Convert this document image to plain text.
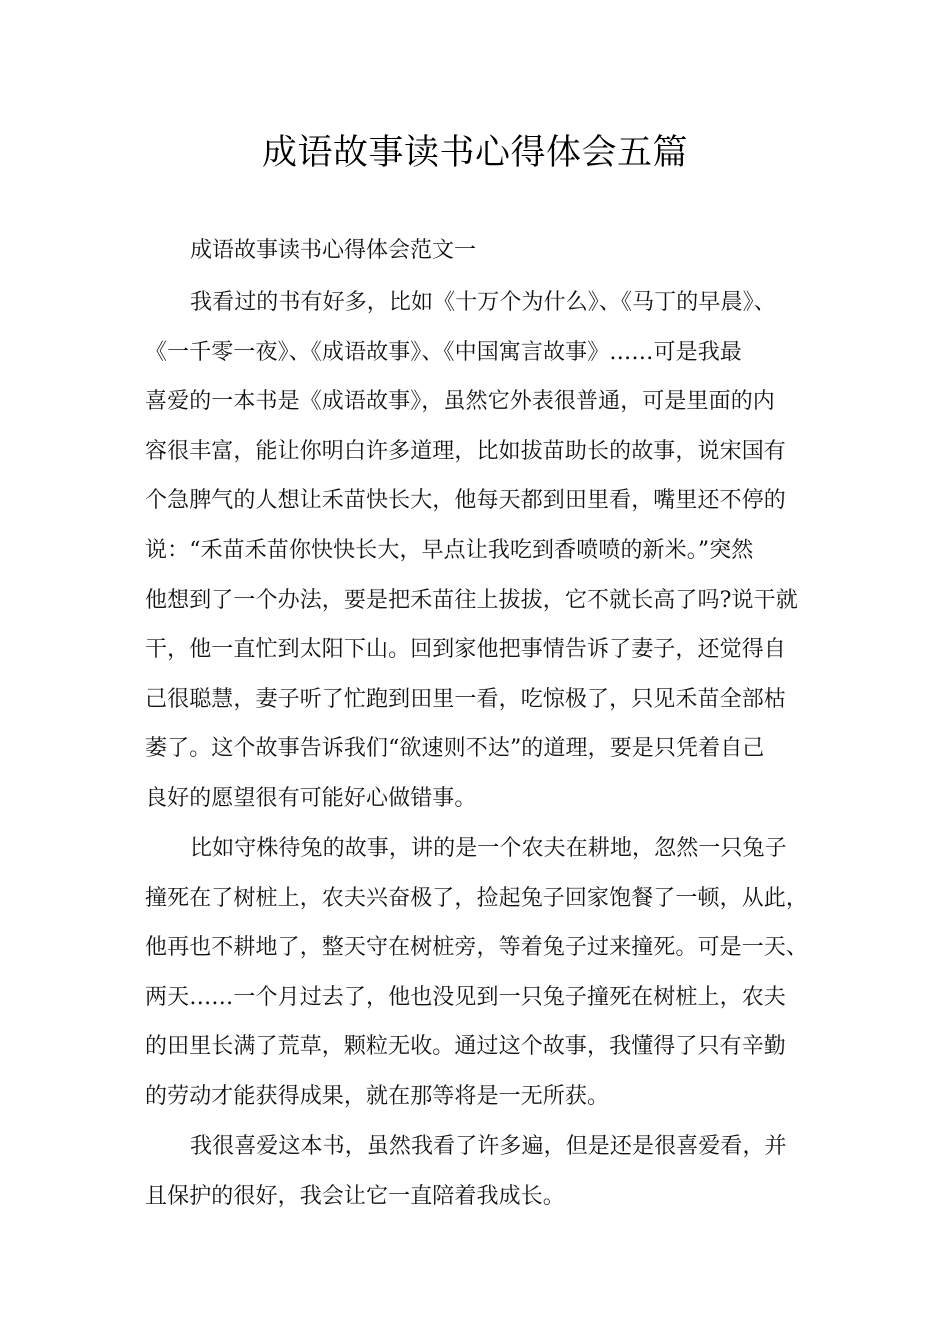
成语故事读书心得体会五篇
成语故事读书心得体会范文一
我看过的书有好多，比如《十万个为什么》、《马丁的早晨》、
《一千零一夜》、《成语故事》、《中国寓言故事》……可是我最
喜爱的一本书是《成语故事》，虽然它外表很普通，可是里面的内
容很丰富，能让你明白许多道理，比如拔苗助长的故事，说宋国有
个急脾气的人想让禾苗快长大，他每天都到田里看，嘴里还不停的
说：“禾苗禾苗你快快长大，早点让我吃到香喷喷的新米。”突然
他想到了一个办法，要是把禾苗往上拔拔，它不就长高了吗?说干就
干，他一直忙到太阳下山。回到家他把事情告诉了妻子，还觉得自
己很聪慧，妻子听了忙跑到田里一看，吃惊极了，只见禾苗全部枯
萎了。这个故事告诉我们“欲速则不达”的道理，要是只凭着自己
良好的愿望很有可能好心做错事。
比如守株待兔的故事，讲的是一个农夫在耕地，忽然一只兔子
撞死在了树桩上，农夫兴奋极了，捡起兔子回家饱餐了一顿，从此，
他再也不耕地了，整天守在树桩旁，等着兔子过来撞死。可是一天、
两天……一个月过去了，他也没见到一只兔子撞死在树桩上，农夫
的田里长满了荒草，颗粒无收。通过这个故事，我懂得了只有辛勤
的劳动才能获得成果，就在那等将是一无所获。
我很喜爱这本书，虽然我看了许多遍，但是还是很喜爱看，并
且保护的很好，我会让它一直陪着我成长。
